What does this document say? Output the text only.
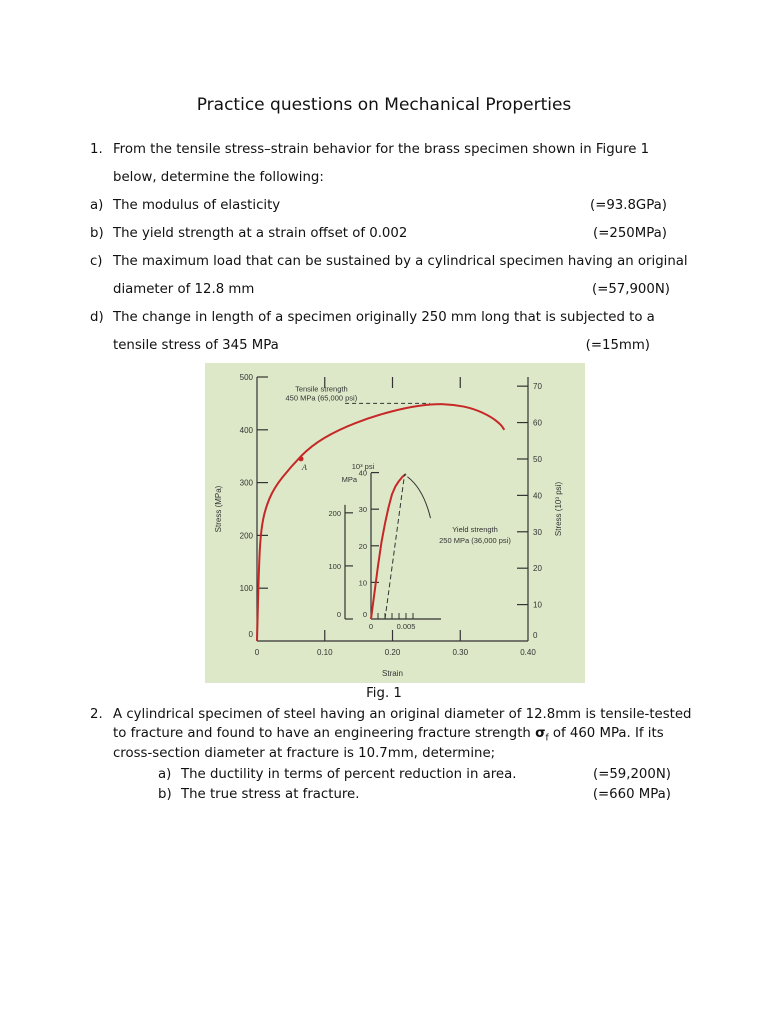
Practice questions on Mechanical Properties
1. From the tensile stress–strain behavior for the brass specimen shown in Figure 1
below, determine the following:
a) The modulus of elasticity	(=93.8GPa)
b) The yield strength at a strain offset of 0.002	(=250MPa)
c) The maximum load that can be sustained by a cylindrical specimen having an original
diameter of 12.8 mm	(=57,900N)
d) The change in length of a specimen originally 250 mm long that is subjected to a
tensile stress of 345 MPa	(=15mm)
0
100
200
300
400
500
0
10
20
30
40
50
60
70
0	0.10	0.20	0.30	0.40
Strain
Stress (MPa)	Stress (10³ psi)
A
Tensile strength
450 MPa (65,000 psi)
0
10
20
30
40
10³ psi
0
100
200
MPa
0	0.005
Yield strength
250 MPa (36,000 psi)
Fig. 1
2. A cylindrical specimen of steel having an original diameter of 12.8mm is tensile-tested
to fracture and found to have an engineering fracture strength $\sigma_f$ of 460 MPa. If its
cross-section diameter at fracture is 10.7mm, determine;
a) The ductility in terms of percent reduction in area.	(=59,200N)
b) The true stress at fracture.	(=660 MPa)
